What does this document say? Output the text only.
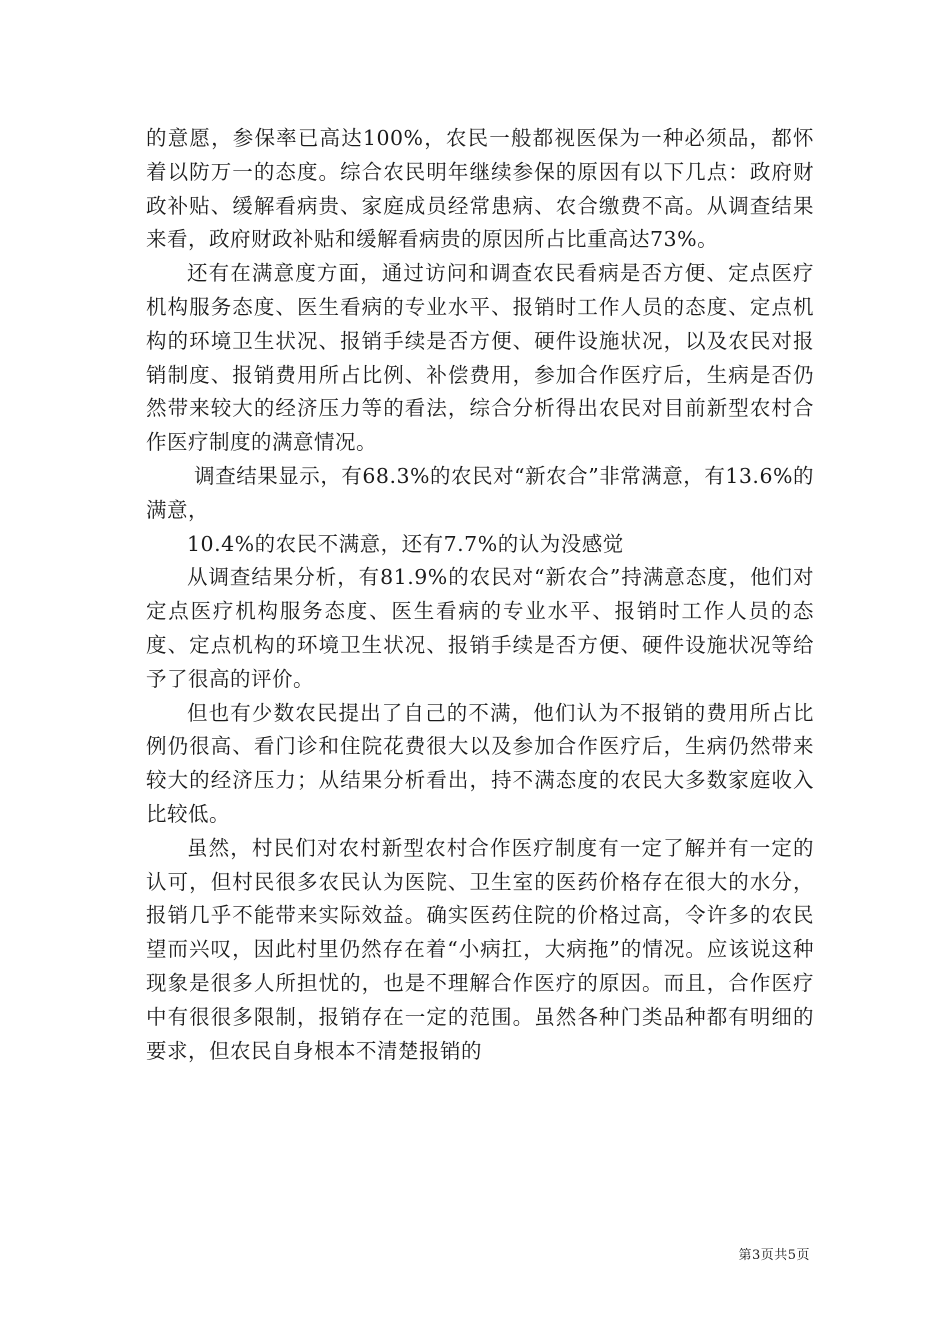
的意愿，参保率已高达100%，农民一般都视医保为一种必须品，都怀着以防万一的态度。综合农民明年继续参保的原因有以下几点：政府财政补贴、缓解看病贵、家庭成员经常患病、农合缴费不高。从调查结果来看，政府财政补贴和缓解看病贵的原因所占比重高达73%。

还有在满意度方面，通过访问和调查农民看病是否方便、定点医疗机构服务态度、医生看病的专业水平、报销时工作人员的态度、定点机构的环境卫生状况、报销手续是否方便、硬件设施状况，以及农民对报销制度、报销费用所占比例、补偿费用，参加合作医疗后，生病是否仍然带来较大的经济压力等的看法，综合分析得出农民对目前新型农村合作医疗制度的满意情况。

调查结果显示，有68.3%的农民对“新农合”非常满意，有13.6%的满意，

10.4%的农民不满意，还有7.7%的认为没感觉

从调查结果分析，有81.9%的农民对“新农合”持满意态度，他们对定点医疗机构服务态度、医生看病的专业水平、报销时工作人员的态度、定点机构的环境卫生状况、报销手续是否方便、硬件设施状况等给予了很高的评价。

但也有少数农民提出了自己的不满，他们认为不报销的费用所占比例仍很高、看门诊和住院花费很大以及参加合作医疗后，生病仍然带来较大的经济压力；从结果分析看出，持不满态度的农民大多数家庭收入比较低。

虽然，村民们对农村新型农村合作医疗制度有一定了解并有一定的认可，但村民很多农民认为医院、卫生室的医药价格存在很大的水分，报销几乎不能带来实际效益。确实医药住院的价格过高，令许多的农民望而兴叹，因此村里仍然存在着“小病扛，大病拖”的情况。应该说这种现象是很多人所担忧的，也是不理解合作医疗的原因。而且，合作医疗中有很很多限制，报销存在一定的范围。虽然各种门类品种都有明细的要求，但农民自身根本不清楚报销的

第3页共5页
